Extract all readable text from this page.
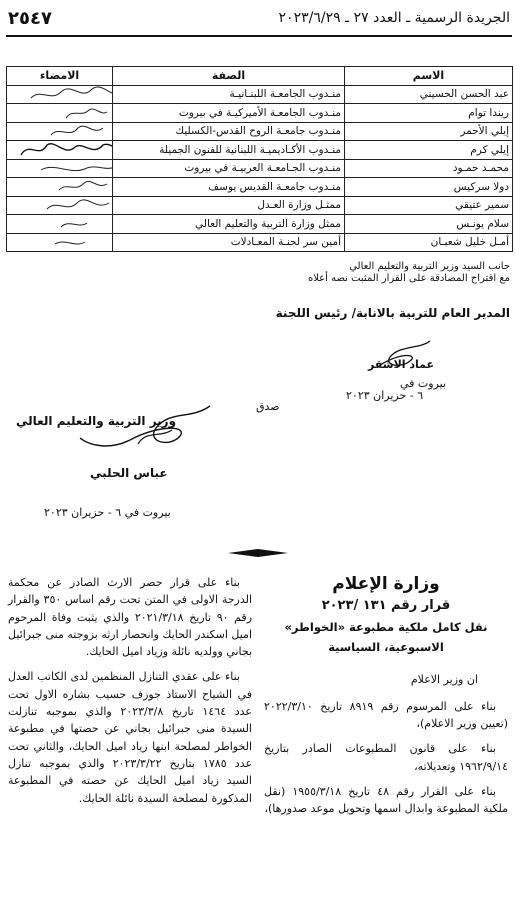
الجريدة الرسمية ـ العدد ٢٧ ـ ٢٠٢٣/٦/٢٩
٢٥٤٧
الاسم	الصفة	الامضاء
عبد الحسن الحسيني	منـدوب الجامعـة اللبنـانيـة	

ريندا توام	منـدوب الجامعـة الأميركيـة في بيروت	

إيلي الأحمر	منـدوب جامعـة الروح القدس-الكسليك	

إيلي كرم	منـدوب الأكـاديميـة اللبنانية للفنون الجميلة	

محمـد حمـود	منـدوب الجـامعـة العربيـة في بيروت	

دولا سركيس	منـدوب جامعـة القديس يوسف	

سمير عتيقي	ممثـل وزارة العـدل	

سلام يونـس	ممثل وزارة التربية والتعليم العالي	

أمـل خليل شعبـان	أمين سر لجنـة المعـادلات	
جانب السيد وزير التربية والتعليم العالي
مع اقتراح المصادقة على القرار المثبت نصه أعلاه
المدير العام للتربية بالانابة/ رئيس اللجنة
عماد الاشقر
بيروت في
٦ - حزيران ٢٠٢٣
صدق
وزير التربية والتعليم العالي
عباس الحلبي
بيروت في ٦ - حزيران ٢٠٢٣
وزارة الإعلام
قرار رقم ١٣١ /٢٠٢٣
نقل كامل ملكية مطبوعة «الخواطر» الاسبوعية، السياسية

ان وزير الاعلام

بناء على المرسوم رقم ٨٩١٩ تاريخ ٢٠٢٢/٣/١٠ (تعيين وزير الاعلام)،

بناء على قانون المطبوعات الصادر بتاريخ ١٩٦٢/٩/١٤ وتعديلاته،

بناء على القرار رقم ٤٨ تاريخ ١٩٥٥/٣/١٨ (نقل ملكية المطبوعة وابدال اسمها وتحويل موعد صدورها)،

بناء على قرار حصر الارث الصادر عن محكمة الدرجة الاولى في المتن تحت رقم اساس ٣٥٠ والقرار رقم ٩٠ تاريخ ٢٠٢١/٣/١٨ والذي يثبت وفاة المرحوم اميل اسكندر الحايك وانحصار ارثه بزوجته منى جبرائيل بجاني وولديه نائلة وزياد اميل الحايك.

بناء على عقدي التنازل المنظمين لدى الكاتب العدل في الشياح الاستاذ جوزف حسيب بشاره الاول تحت عدد ١٤٦٤ تاريخ ٢٠٢٣/٣/٨ والذي بموجبه تنازلت السيدة منى جبرائيل بجاني عن حصتها في مطبوعة الخواطر لمصلحة ابنها زياد اميل الحايك، والثاني تحت عدد ١٧٨٥ بتاريخ ٢٠٢٣/٣/٢٢ والذي بموجبه تنازل السيد زياد اميل الحايك عن حصته في المطبوعة المذكورة لمصلحة السيدة نائلة الحايك.
